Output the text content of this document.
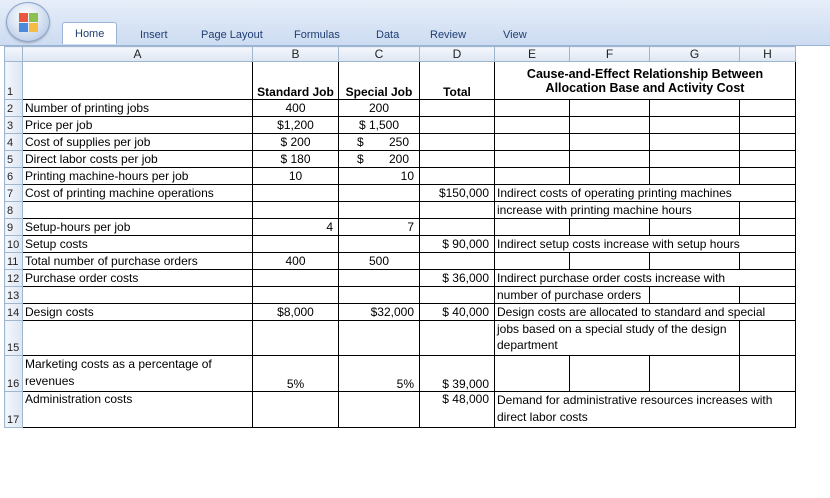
Home	Insert	Page Layout	Formulas	Data	Review	View
	A	B	C	D	E	F	G	H
1		Standard Job	Special Job	Total	Cause-and-Effect Relationship Between Allocation Base and Activity Cost			
2	Number of printing jobs	400	200					
3	Price per job	$1,200	$ 1,500					
4	Cost of supplies per job	$ 200	$ 250					

5	Direct labor costs per job	$ 180	$ 200					

6	Printing machine-hours per job	10	10					
7	Cost of printing machine operations			$150,000	Indirect costs of operating printing machines			
8					increase with printing machine hours			
9	Setup-hours per job	4	7					
10	Setup costs			$ 90,000	Indirect setup costs increase with setup hours			
11	Total number of purchase orders	400	500					
12	Purchase order costs			$ 36,000	Indirect purchase order costs increase with			
13					number of purchase orders			
14	Design costs	$8,000	$32,000	$ 40,000	Design costs are allocated to standard and special			
15					jobs based on a special study of the design department			
16	Marketing costs as a percentage of revenues	5%	5%	$ 39,000				
17	Administration costs			$ 48,000	Demand for administrative resources increases with direct labor costs			
